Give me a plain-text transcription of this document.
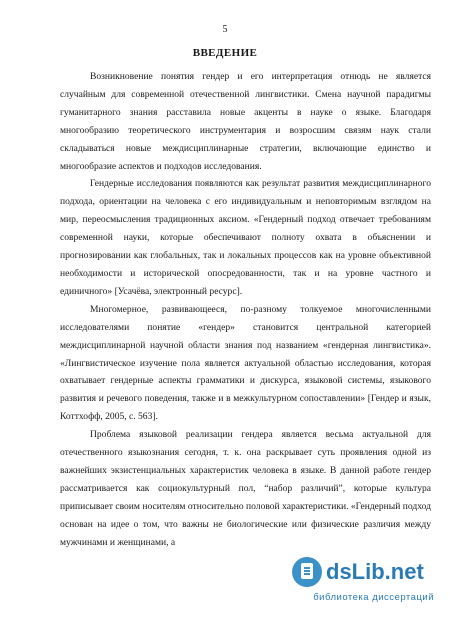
5
ВВЕДЕНИЕ

Возникновение понятия гендер и его интерпретация отнюдь не является случайным для современной отечественной лингвистики. Смена научной парадигмы гуманитарного знания расставила новые акценты в науке о языке. Благодаря многообразию теоретического инструментария и возросшим связям наук стали складываться новые междисциплинарные стратегии, включающие единство и многообразие аспектов и подходов исследования.

Гендерные исследования появляются как результат развития междисциплинарного подхода, ориентации на человека с его индивидуальным и неповторимым взглядом на мир, переосмысления традиционных аксиом. «Гендерный подход отвечает требованиям современной науки, которые обеспечивают полноту охвата в объяснении и прогнозировании как глобальных, так и локальных процессов как на уровне объективной необходимости и исторической опосредованности, так и на уровне частного и единичного» [Усачёва, электронный ресурс].

Многомерное, развивающееся, по-разному толкуемое многочисленными исследователями понятие «гендер» становится центральной категорией междисциплинарной научной области знания под названием «гендерная лингвистика». «Лингвистическое изучение пола является актуальной областью исследования, которая охватывает гендерные аспекты грамматики и дискурса, языковой системы, языкового развития и речевого поведения, также и в межкультурном сопоставлении» [Гендер и язык, Коттхофф, 2005, с. 563].

Проблема языковой реализации гендера является весьма актуальной для отечественного языкознания сегодня, т. к. она раскрывает суть проявления одной из важнейших экзистенциальных характеристик человека в языке. В данной работе гендер рассматривается как социокультурный пол, “набор различий”, которые культура приписывает своим носителям относительно половой характеристики. «Гендерный подход основан на идее о том, что важны не биологические или физические различия между мужчинами и женщинами, а

dsLib.net
библиотека диссертаций
